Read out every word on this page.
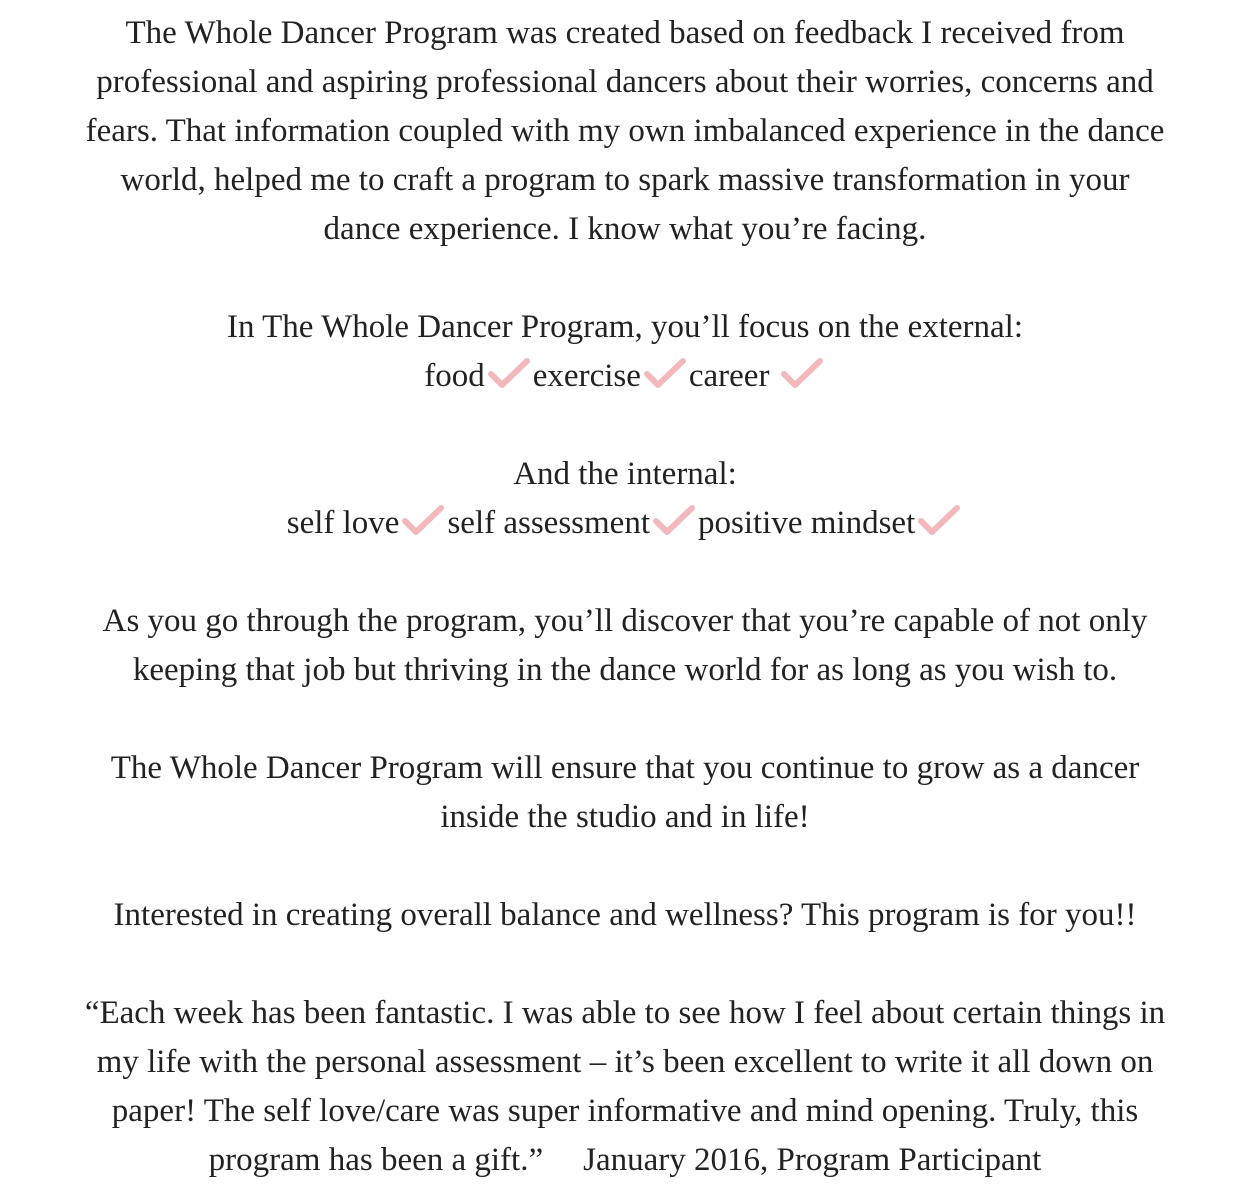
The Whole Dancer Program was created based on feedback I received from
professional and aspiring professional dancers about their worries, concerns and
fears. That information coupled with my own imbalanced experience in the dance
world, helped me to craft a program to spark massive transformation in your
dance experience. I know what you’re facing.
In The Whole Dancer Program, you’ll focus on the external:
food exercise career
And the internal:
self love self assessment positive mindset
As you go through the program, you’ll discover that you’re capable of not only
keeping that job but thriving in the dance world for as long as you wish to.
The Whole Dancer Program will ensure that you continue to grow as a dancer
inside the studio and in life!
Interested in creating overall balance and wellness? This program is for you!!
“Each week has been fantastic. I was able to see how I feel about certain things in
my life with the personal assessment – it’s been excellent to write it all down on
paper! The self love/care was super informative and mind opening. Truly, this
program has been a gift.” January 2016, Program Participant
